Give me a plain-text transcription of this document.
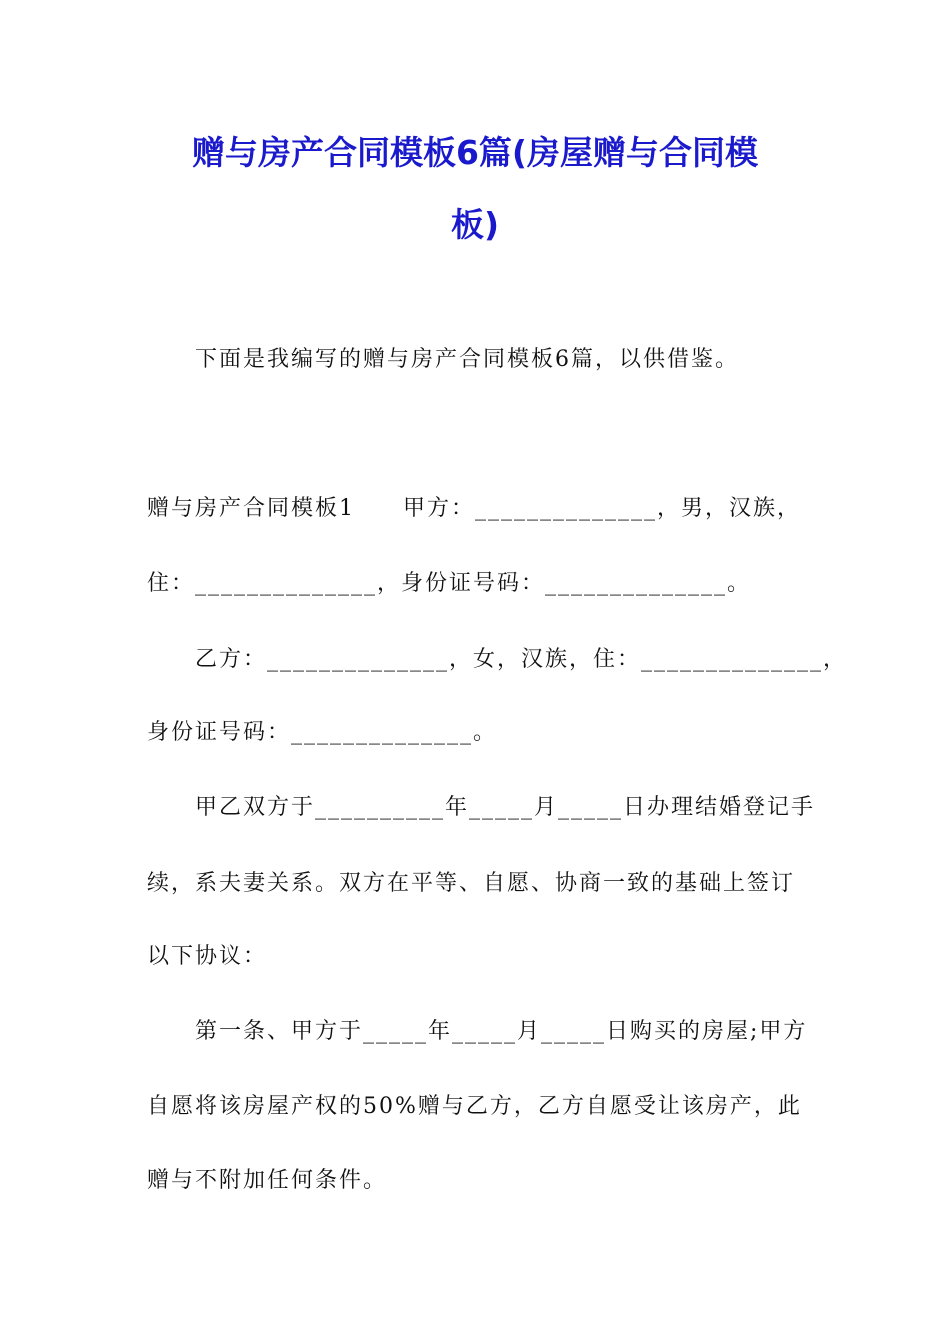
赠与房产合同模板6篇(房屋赠与合同模
板)

下面是我编写的赠与房产合同模板6篇，以供借鉴。

赠与房产合同模板1　　甲方：______________，男，汉族，

住：______________，身份证号码：______________。

乙方：______________，女，汉族，住：______________，

身份证号码：______________。

甲乙双方于__________年_____月_____日办理结婚登记手

续，系夫妻关系。双方在平等、自愿、协商一致的基础上签订

以下协议：

第一条、甲方于_____年_____月_____日购买的房屋;甲方

自愿将该房屋产权的50%赠与乙方，乙方自愿受让该房产，此

赠与不附加任何条件。
